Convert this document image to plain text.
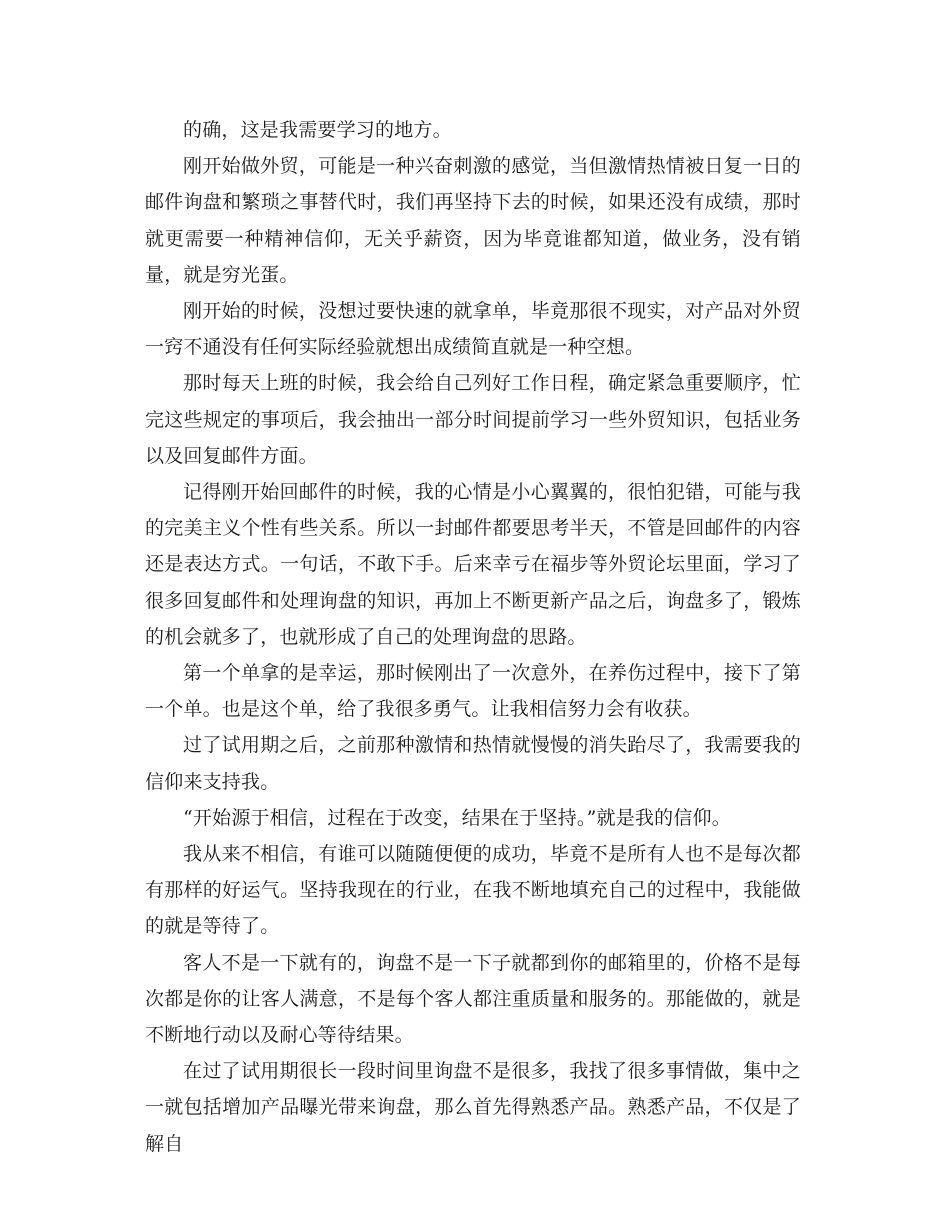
的确，这是我需要学习的地方。

刚开始做外贸，可能是一种兴奋刺激的感觉，当但激情热情被日复一日的邮件询盘和繁琐之事替代时，我们再坚持下去的时候，如果还没有成绩，那时就更需要一种精神信仰，无关乎薪资，因为毕竟谁都知道，做业务，没有销量，就是穷光蛋。

刚开始的时候，没想过要快速的就拿单，毕竟那很不现实，对产品对外贸一窍不通没有任何实际经验就想出成绩简直就是一种空想。

那时每天上班的时候，我会给自己列好工作日程，确定紧急重要顺序，忙完这些规定的事项后，我会抽出一部分时间提前学习一些外贸知识，包括业务以及回复邮件方面。

记得刚开始回邮件的时候，我的心情是小心翼翼的，很怕犯错，可能与我的完美主义个性有些关系。所以一封邮件都要思考半天，不管是回邮件的内容还是表达方式。一句话，不敢下手。后来幸亏在福步等外贸论坛里面，学习了很多回复邮件和处理询盘的知识，再加上不断更新产品之后，询盘多了，锻炼的机会就多了，也就形成了自己的处理询盘的思路。

第一个单拿的是幸运，那时候刚出了一次意外，在养伤过程中，接下了第一个单。也是这个单，给了我很多勇气。让我相信努力会有收获。

过了试用期之后，之前那种激情和热情就慢慢的消失跆尽了，我需要我的信仰来支持我。

“开始源于相信，过程在于改变，结果在于坚持。”就是我的信仰。

我从来不相信，有谁可以随随便便的成功，毕竟不是所有人也不是每次都有那样的好运气。坚持我现在的行业，在我不断地填充自己的过程中，我能做的就是等待了。

客人不是一下就有的，询盘不是一下子就都到你的邮箱里的，价格不是每次都是你的让客人满意，不是每个客人都注重质量和服务的。那能做的，就是不断地行动以及耐心等待结果。

在过了试用期很长一段时间里询盘不是很多，我找了很多事情做，集中之一就包括增加产品曝光带来询盘，那么首先得熟悉产品。熟悉产品，不仅是了解自
